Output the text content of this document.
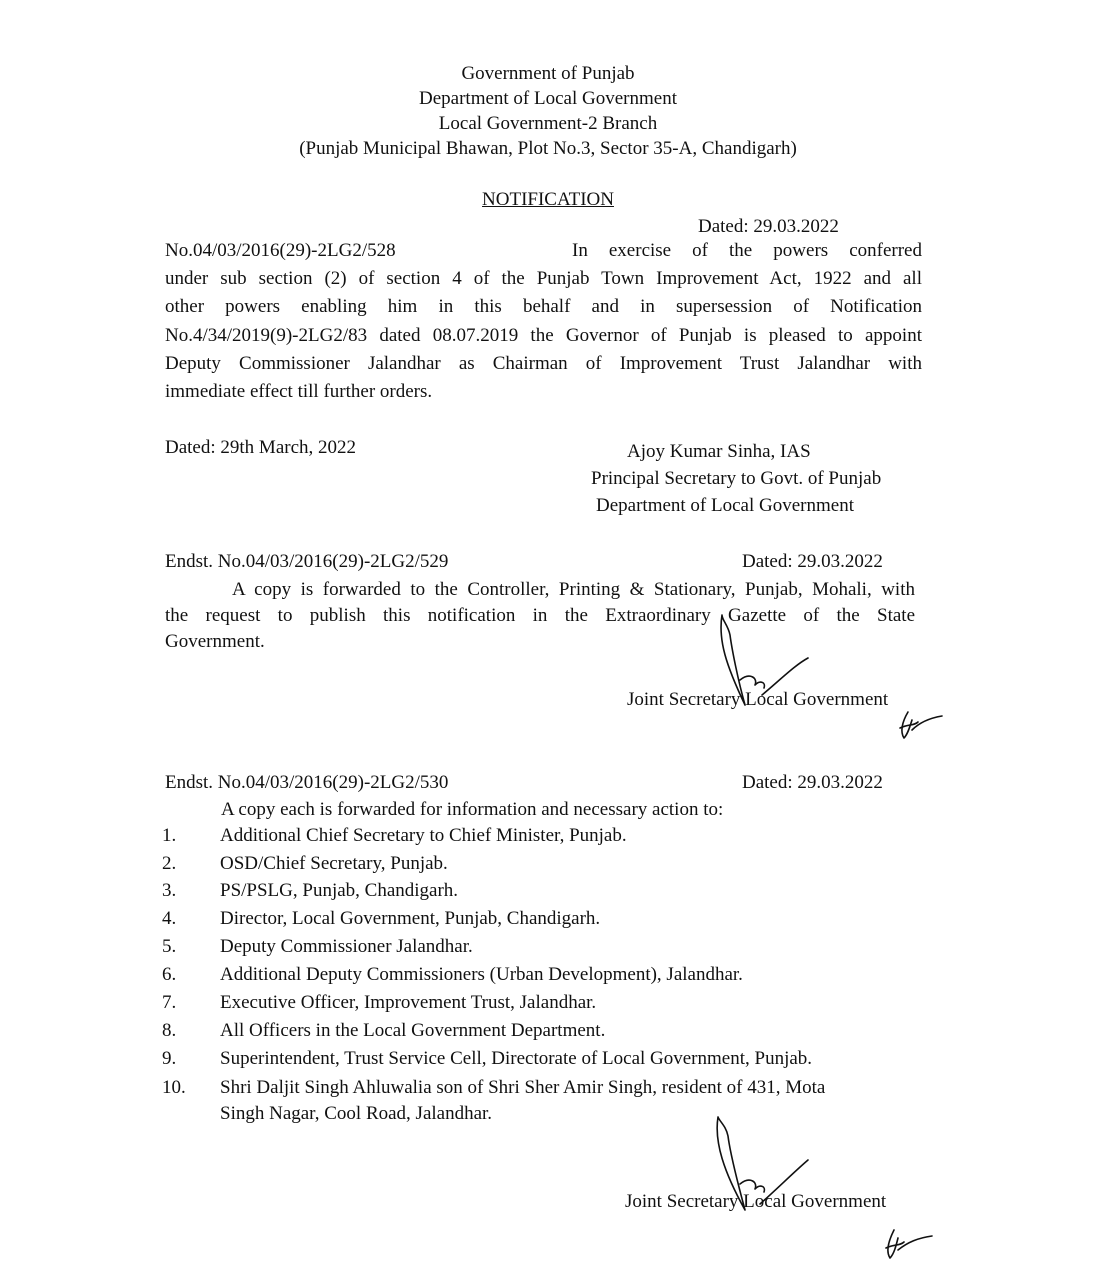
Government of Punjab
Department of Local Government
Local Government-2 Branch
(Punjab Municipal Bhawan, Plot No.3, Sector 35-A, Chandigarh)
NOTIFICATION
Dated: 29.03.2022
No.04/03/2016(29)-2LG2/528	In exercise of the powers conferred
under sub section (2) of section 4 of the Punjab Town Improvement Act, 1922 and all
other powers enabling him in this behalf and in supersession of Notification
No.4/34/2019(9)-2LG2/83 dated 08.07.2019 the Governor of Punjab is pleased to appoint
Deputy Commissioner Jalandhar as Chairman of Improvement Trust Jalandhar with
immediate effect till further orders.
Dated: 29th March, 2022	Ajoy Kumar Sinha, IAS
Principal Secretary to Govt. of Punjab
Department of Local Government
Endst. No.04/03/2016(29)-2LG2/529	Dated: 29.03.2022
A copy is forwarded to the Controller, Printing & Stationary, Punjab, Mohali, with
the request to publish this notification in the Extraordinary Gazette of the State
Government.
Joint Secretary Local Government
Endst. No.04/03/2016(29)-2LG2/530	Dated: 29.03.2022
A copy each is forwarded for information and necessary action to:
1. Additional Chief Secretary to Chief Minister, Punjab.
2. OSD/Chief Secretary, Punjab.
3. PS/PSLG, Punjab, Chandigarh.
4. Director, Local Government, Punjab, Chandigarh.
5. Deputy Commissioner Jalandhar.
6. Additional Deputy Commissioners (Urban Development), Jalandhar.
7. Executive Officer, Improvement Trust, Jalandhar.
8. All Officers in the Local Government Department.
9. Superintendent, Trust Service Cell, Directorate of Local Government, Punjab.
10. Shri Daljit Singh Ahluwalia son of Shri Sher Amir Singh, resident of 431, Mota
Singh Nagar, Cool Road, Jalandhar.
Joint Secretary Local Government
